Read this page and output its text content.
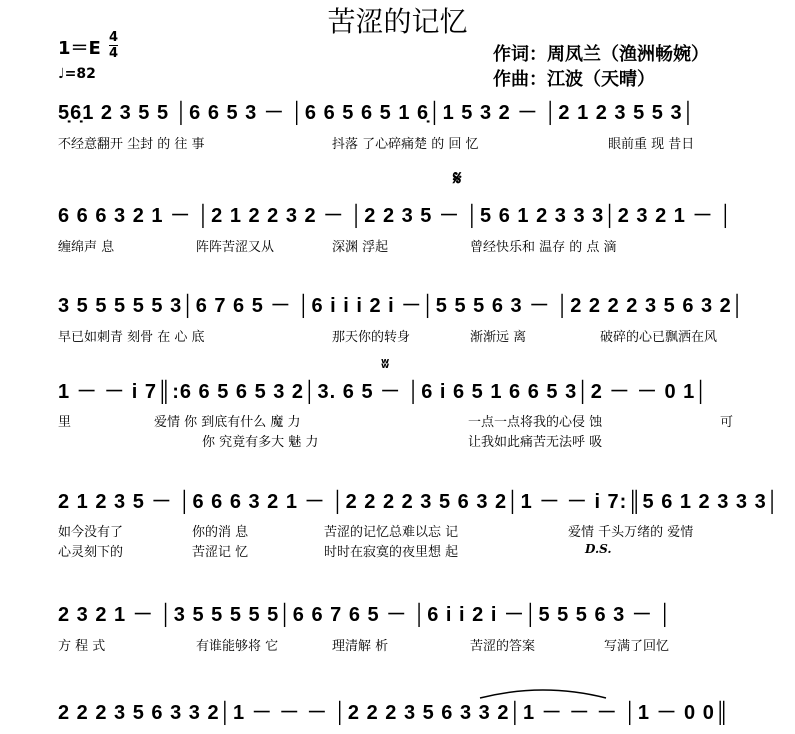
苦涩的记忆
1＝E
4
4
♩=82
作词：周凤兰（渔洲畅婉）
作曲：江波（天晴）
5̣6̣1 2 3 5 5 │6 6 5 3 － │6 6 5 6 5 1 6̣│1 5 3 2 － │2 1 2 3 5 5 3│
不经意翻开 尘封 的 往 事	抖落 了心碎痛楚 的 回 忆	眼前重 现 昔日
𝄋
6 6 6 3 2 1 － │2 1 2 2 3 2 － │2 2 3 5 － │5 6 1 2 3 3 3│2 3 2 1 － │
缠绵声 息	阵阵苦涩又从	深渊 浮起	曾经快乐和 温存 的 点 滴
3 5 5 5 5 5 3│6 7 6 5 － │6 i i i 2 i －│5 5 5 6 3 － │2 2 2 2 3 5 6 3 2│
早已如刺青 刻骨 在 心 底	那天你的转身	渐渐远 离	破碎的心已飘洒在风
ʬ
1 － － i 7║:6 6 5 6 5 3 2│3. 6 5 － │6 i 6 5 1 6 6 5 3│2 － － 0 1│
里	爱情 你 到底有什么 魔 力	一点一点将我的心侵 蚀	可
你 究竟有多大 魅 力	让我如此痛苦无法呼 吸
2 1 2 3 5 － │6 6 6 3 2 1 － │2 2 2 2 3 5 6 3 2│1 － － i 7:║5 6 1 2 3 3 3│
如今没有了	你的消 息	苦涩的记忆总难以忘 记	爱情 千头万绪的 爱情
心灵刻下的	苦涩记 忆	时时在寂寞的夜里想 起	D.S.
2 3 2 1 － │3 5 5 5 5 5│6 6 7 6 5 － │6 i i 2 i －│5 5 5 6 3 － │
方 程 式	有谁能够将 它	理清解 析	苦涩的答案	写满了回忆
2 2 2 3 5 6 3 3 2│1 － － － │2 2 2 3 5 6 3 3 2│1 － － － │1 － 0 0║
